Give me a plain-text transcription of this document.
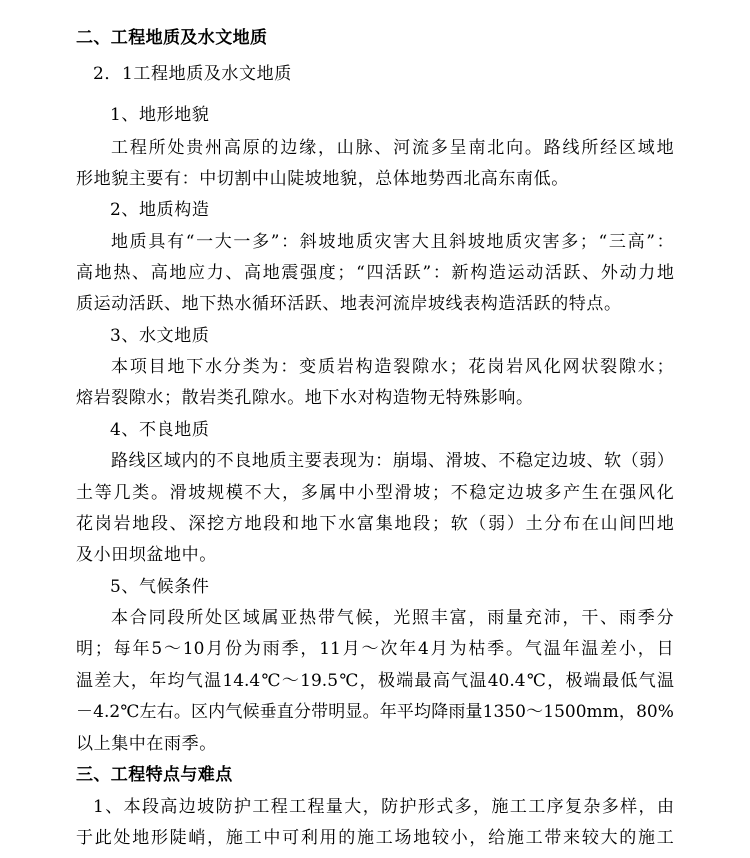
二、工程地质及水文地质
2．1工程地质及水文地质
1、地形地貌
工 程 所 处 贵 州 高 原 的 边 缘 ， 山 脉 、 河 流 多 呈 南 北 向 。 路 线 所 经 区 域 地
形地貌主要有：中切割中山陡坡地貌，总体地势西北高东南低。
2、地质构造
地 质 具 有 “ 一 大 一 多 ” ： 斜 坡 地 质 灾 害 大 且 斜 坡 地 质 灾 害 多 ； “ 三 高 ” ：
高 地 热 、 高 地 应 力 、 高 地 震 强 度 ； “ 四 活 跃 ” ： 新 构 造 运 动 活 跃 、 外 动 力 地
质运动活跃、地下热水循环活跃、地表河流岸坡线表构造活跃的特点。
3、水文地质
本 项 目 地 下 水 分 类 为 ： 变 质 岩 构 造 裂 隙 水 ； 花 岗 岩 风 化 网 状 裂 隙 水 ；
熔岩裂隙水；散岩类孔隙水。地下水对构造物无特殊影响。
4、不良地质
路 线 区 域 内 的 不 良 地 质 主 要 表 现 为 ： 崩 塌 、 滑 坡 、 不 稳 定 边 坡 、 软 （ 弱 ）
土 等 几 类 。 滑 坡 规 模 不 大 ， 多 属 中 小 型 滑 坡 ； 不 稳 定 边 坡 多 产 生 在 强 风 化
花 岗 岩 地 段 、 深 挖 方 地 段 和 地 下 水 富 集 地 段 ； 软 （ 弱 ） 土 分 布 在 山 间 凹 地
及小田坝盆地中。
5、气候条件
本 合 同 段 所 处 区 域 属 亚 热 带 气 候 ， 光 照 丰 富 ， 雨 量 充 沛 ， 干 、 雨 季 分
明 ； 每 年 5 ～ 10 月 份 为 雨 季 ， 11 月 ～ 次 年 4 月 为 枯 季 。 气 温 年 温 差 小 ， 日
温 差 大 ， 年 均 气 温 14.4 ℃ ～ 19.5 ℃ ， 极 端 最 高 气 温 40.4 ℃ ， 极 端 最 低 气 温
－ 4.2 ℃ 左 右 。 区 内 气 候 垂 直 分 带 明 显 。 年 平 均 降 雨 量 1350 ～ 1500mm ， 80%
以上集中在雨季。
三、工程特点与难点
1 、 本 段 高 边 坡 防 护 工 程 工 程 量 大 ， 防 护 形 式 多 ， 施 工 工 序 复 杂 多 样 ， 由
于 此 处 地 形 陡 峭 ， 施 工 中 可 利 用 的 施 工 场 地 较 小 ， 给 施 工 带 来 较 大 的 施 工
